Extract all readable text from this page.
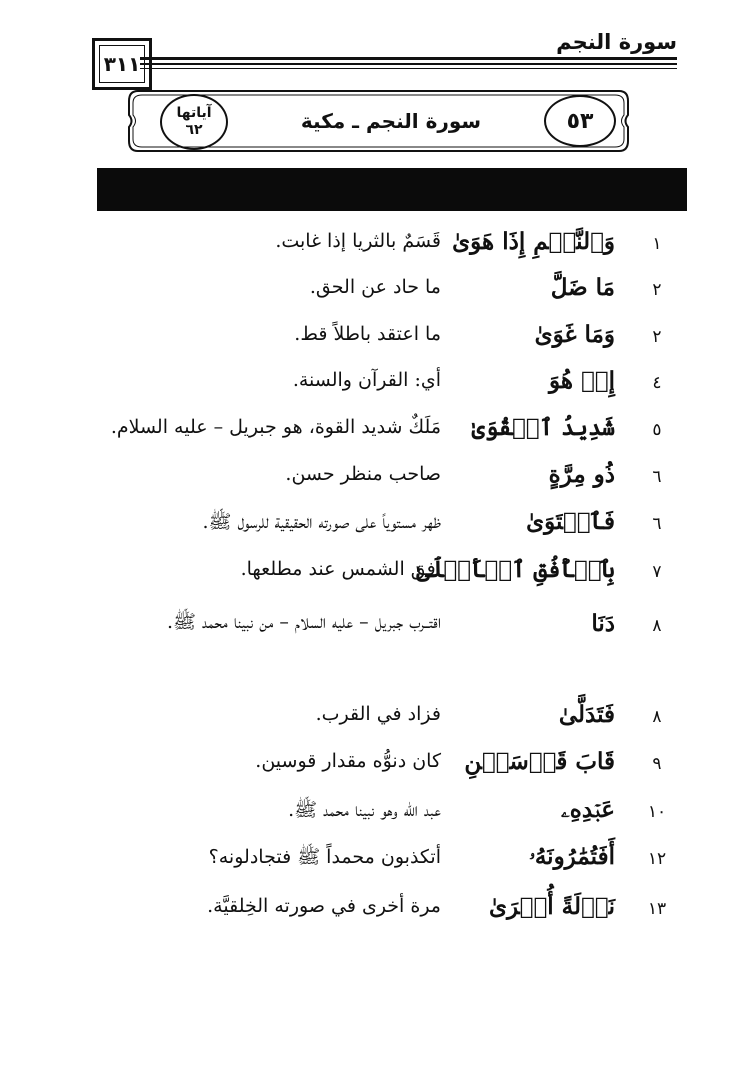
سورة النجم
٣١١
٥٣
سورة النجم ـ مكية
آياتها
٦٢
١
وَٱلنَّجۡمِ إِذَا هَوَىٰ
قَسَمٌ بالثريا إذا غابت.
٢
مَا ضَلَّ
ما حاد عن الحق.
٢
وَمَا غَوَىٰ
ما اعتقد باطلاً قط.
٤
إِنۡ هُوَ
أي: القرآن والسنة.
٥
شَدِيدُ ٱلۡقُوَىٰ
مَلَكٌ شديد القوة، هو جبريل – عليه السلام.
٦
ذُو مِرَّةٍ
صاحب منظر حسن.
٦
فَٱسۡتَوَىٰ
ظهر مستوياً على صورته الحقيقية للرسول ﷺ.
٧
بِٱلۡأُفُقِ ٱلۡأَعۡلَىٰ
أفق الشمس عند مطلعها.
٨
دَنَا
اقتــرب جبريل – عليه السلام – من نبينا محمد ﷺ.
٨
فَتَدَلَّىٰ
فزاد في القرب.
٩
قَابَ قَوۡسَيۡنِ
كان دنوُّه مقدار قوسين.
١٠
عَبۡدِهِۦ
عبد الله وهو نبينا محمد ﷺ.
١٢
أَفَتُمَٰرُونَهُۥ
أتكذبون محمداً ﷺ فتجادلونه؟
١٣
نَزۡلَةً أُخۡرَىٰ
مرة أخرى في صورته الخِلقيَّة.
